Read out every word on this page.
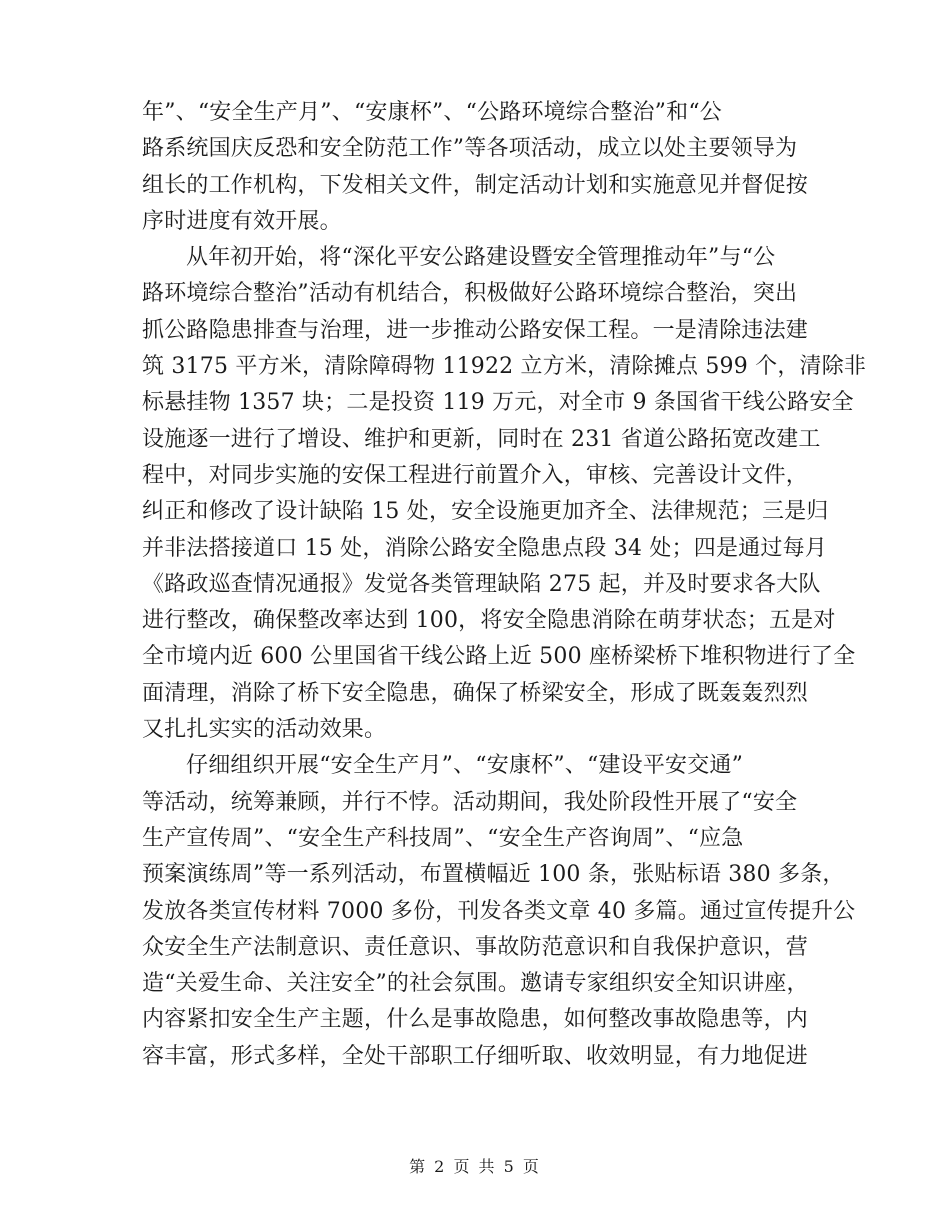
年”、“安全生产月”、“安康杯”、“公路环境综合整治”和“公
路系统国庆反恐和安全防范工作”等各项活动，成立以处主要领导为
组长的工作机构，下发相关文件，制定活动计划和实施意见并督促按
序时进度有效开展。

从年初开始，将“深化平安公路建设暨安全管理推动年”与“公
路环境综合整治”活动有机结合，积极做好公路环境综合整治，突出
抓公路隐患排查与治理，进一步推动公路安保工程。一是清除违法建
筑 3175 平方米，清除障碍物 11922 立方米，清除摊点 599 个，清除非
标悬挂物 1357 块；二是投资 119 万元，对全市 9 条国省干线公路安全
设施逐一进行了增设、维护和更新，同时在 231 省道公路拓宽改建工
程中，对同步实施的安保工程进行前置介入，审核、完善设计文件，
纠正和修改了设计缺陷 15 处，安全设施更加齐全、法律规范；三是归
并非法搭接道口 15 处，消除公路安全隐患点段 34 处；四是通过每月
《路政巡查情况通报》发觉各类管理缺陷 275 起，并及时要求各大队
进行整改，确保整改率达到 100，将安全隐患消除在萌芽状态；五是对
全市境内近 600 公里国省干线公路上近 500 座桥梁桥下堆积物进行了全
面清理，消除了桥下安全隐患，确保了桥梁安全，形成了既轰轰烈烈
又扎扎实实的活动效果。

仔细组织开展“安全生产月”、“安康杯”、“建设平安交通”
等活动，统筹兼顾，并行不悖。活动期间，我处阶段性开展了“安全
生产宣传周”、“安全生产科技周”、“安全生产咨询周”、“应急
预案演练周”等一系列活动，布置横幅近 100 条，张贴标语 380 多条，
发放各类宣传材料 7000 多份，刊发各类文章 40 多篇。通过宣传提升公
众安全生产法制意识、责任意识、事故防范意识和自我保护意识，营
造“关爱生命、关注安全”的社会氛围。邀请专家组织安全知识讲座，
内容紧扣安全生产主题，什么是事故隐患，如何整改事故隐患等，内
容丰富，形式多样，全处干部职工仔细听取、收效明显，有力地促进

第 2 页 共 5 页
